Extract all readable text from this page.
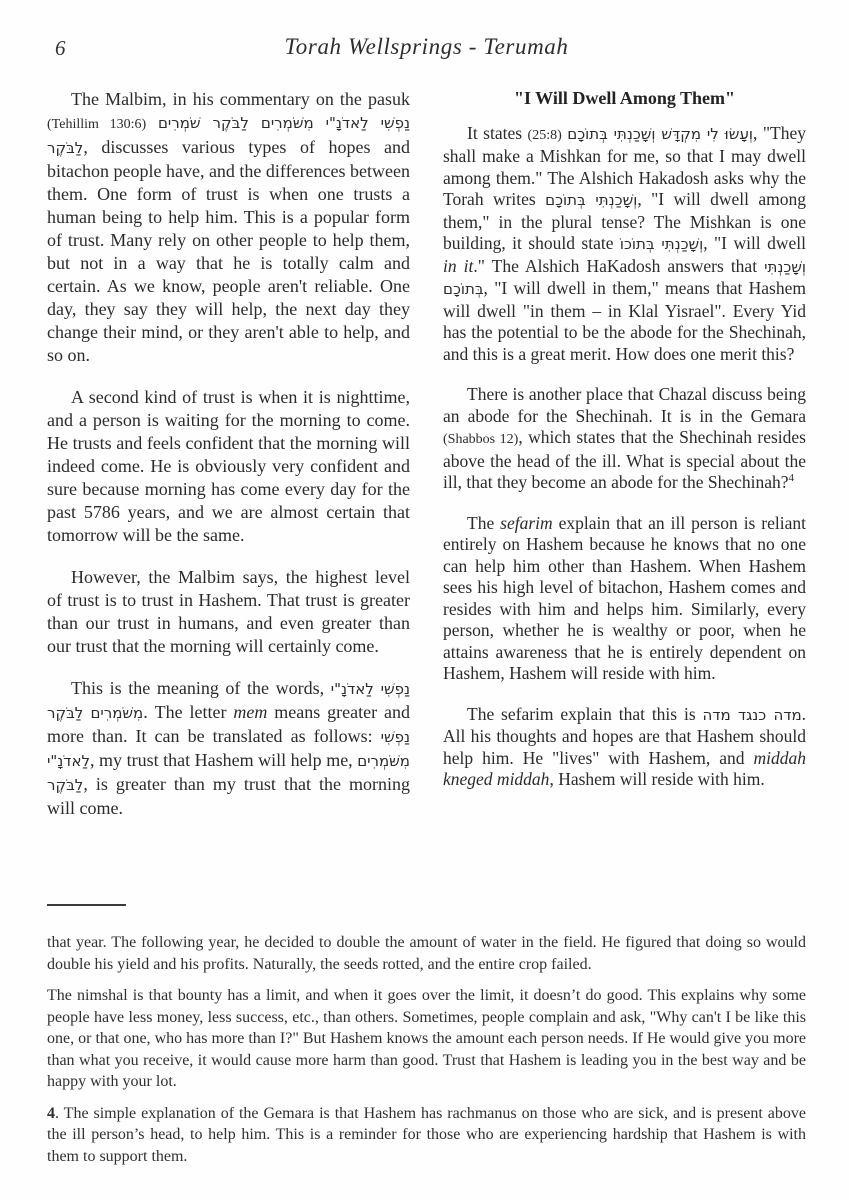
6	Torah Wellsprings - Terumah

The Malbim, in his commentary on the pasuk (Tehillim 130:6) נַפְשִׁי לַאדֹנָ"י מִשֹּׁמְרִים לַבֹּקֶר שֹׁמְרִים לַבֹּקֶר, discusses various types of hopes and bitachon people have, and the differences between them. One form of trust is when one trusts a human being to help him. This is a popular form of trust. Many rely on other people to help them, but not in a way that he is totally calm and certain. As we know, people aren't reliable. One day, they say they will help, the next day they change their mind, or they aren't able to help, and so on.

A second kind of trust is when it is nighttime, and a person is waiting for the morning to come. He trusts and feels confident that the morning will indeed come. He is obviously very confident and sure because morning has come every day for the past 5786 years, and we are almost certain that tomorrow will be the same.

However, the Malbim says, the highest level of trust is to trust in Hashem. That trust is greater than our trust in humans, and even greater than our trust that the morning will certainly come.

This is the meaning of the words, נַפְשִׁי לַאדֹנָ"י מִשֹּׁמְרִים לַבֹּקֶר. The letter mem means greater and more than. It can be translated as follows: נַפְשִׁי לַאדֹנָ"י, my trust that Hashem will help me, מִשֹּׁמְרִים לַבֹּקֶר, is greater than my trust that the morning will come.

"I Will Dwell Among Them"

It states (25:8) וְעָשׂוּ לִי מִקְדָּשׁ וְשָׁכַנְתִּי בְּתוֹכָם, "They shall make a Mishkan for me, so that I may dwell among them." The Alshich Hakadosh asks why the Torah writes וְשָׁכַנְתִּי בְּתוֹכָם, "I will dwell among them," in the plural tense? The Mishkan is one building, it should state וְשָׁכַנְתִּי בְּתוֹכוֹ, "I will dwell in it." The Alshich HaKadosh answers that וְשָׁכַנְתִּי בְּתוֹכָם, "I will dwell in them," means that Hashem will dwell "in them – in Klal Yisrael". Every Yid has the potential to be the abode for the Shechinah, and this is a great merit. How does one merit this?

There is another place that Chazal discuss being an abode for the Shechinah. It is in the Gemara (Shabbos 12), which states that the Shechinah resides above the head of the ill. What is special about the ill, that they become an abode for the Shechinah?$^4$

The sefarim explain that an ill person is reliant entirely on Hashem because he knows that no one can help him other than Hashem. When Hashem sees his high level of bitachon, Hashem comes and resides with him and helps him. Similarly, every person, whether he is wealthy or poor, when he attains awareness that he is entirely dependent on Hashem, Hashem will reside with him.

The sefarim explain that this is מדה כנגד מדה. All his thoughts and hopes are that Hashem should help him. He "lives" with Hashem, and middah kneged middah, Hashem will reside with him.

that year. The following year, he decided to double the amount of water in the field. He figured that doing so would double his yield and his profits. Naturally, the seeds rotted, and the entire crop failed.

The nimshal is that bounty has a limit, and when it goes over the limit, it doesn’t do good. This explains why some people have less money, less success, etc., than others. Sometimes, people complain and ask, "Why can't I be like this one, or that one, who has more than I?" But Hashem knows the amount each person needs. If He would give you more than what you receive, it would cause more harm than good. Trust that Hashem is leading you in the best way and be happy with your lot.

4. The simple explanation of the Gemara is that Hashem has rachmanus on those who are sick, and is present above the ill person’s head, to help him. This is a reminder for those who are experiencing hardship that Hashem is with them to support them.
